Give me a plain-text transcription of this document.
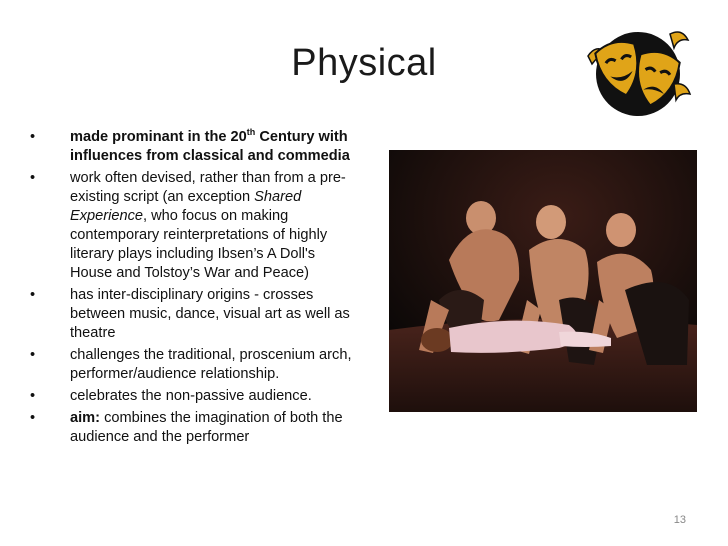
Physical
•	made prominant in the 20th Century with influences from classical and commedia
•	work often devised, rather than from a pre-existing script (an exception Shared Experience, who focus on making contemporary reinterpretations of highly literary plays including Ibsen’s A Doll's House and Tolstoy’s War and Peace)
•	has inter-disciplinary origins - crosses between music, dance, visual art as well as theatre
•	challenges the traditional, proscenium arch, performer/audience relationship.
•	celebrates the non-passive audience.
•	aim: combines the imagination of both the audience and the performer
13
